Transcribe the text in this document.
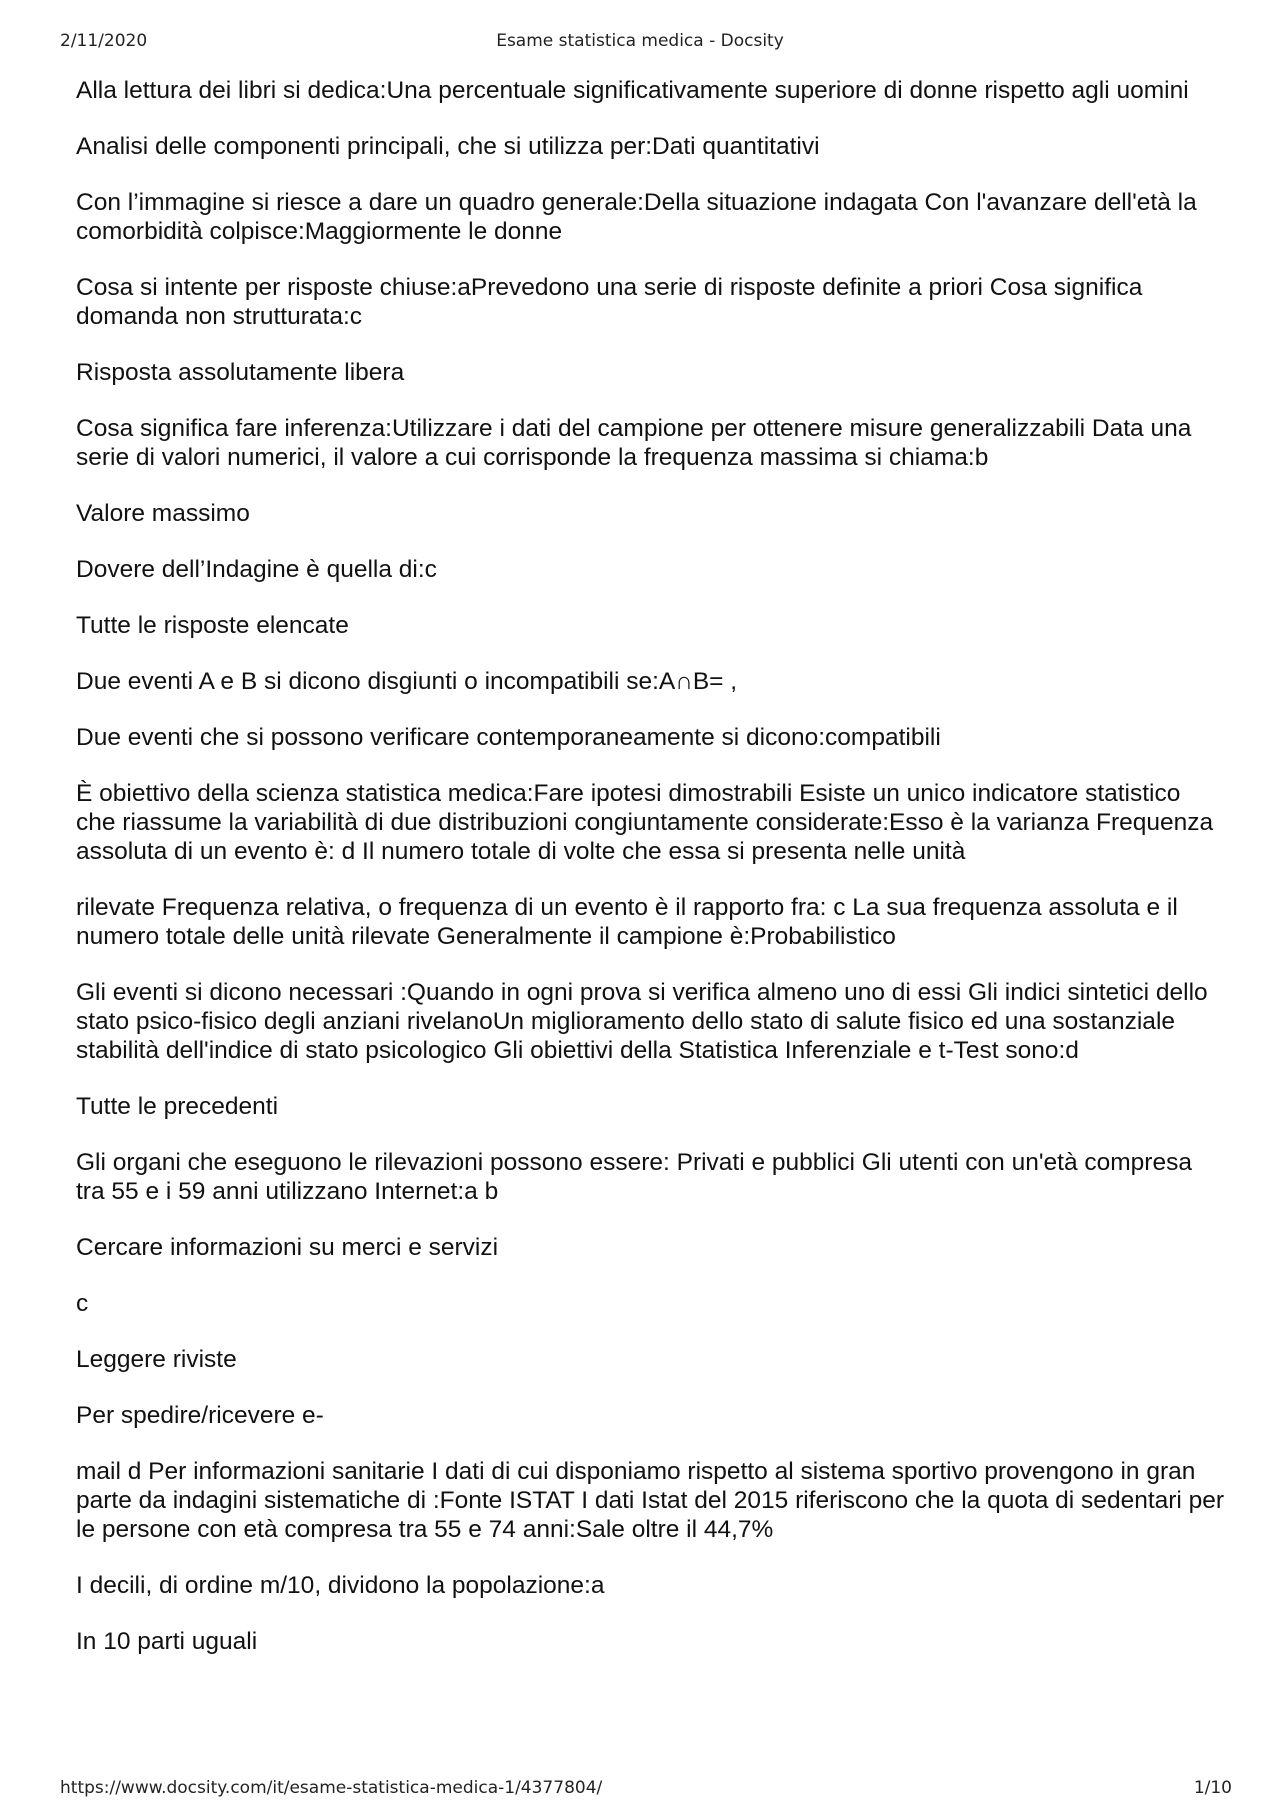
2/11/2020	Esame statistica medica - Docsity

Alla lettura dei libri si dedica:Una percentuale significativamente superiore di donne rispetto agli uomini

Analisi delle componenti principali, che si utilizza per:Dati quantitativi

Con l’immagine si riesce a dare un quadro generale:Della situazione indagata Con l'avanzare dell'età la comorbidità colpisce:Maggiormente le donne

Cosa si intente per risposte chiuse:aPrevedono una serie di risposte definite a priori Cosa significa domanda non strutturata:c

Risposta assolutamente libera

Cosa significa fare inferenza:Utilizzare i dati del campione per ottenere misure generalizzabili Data una serie di valori numerici, il valore a cui corrisponde la frequenza massima si chiama:b

Valore massimo

Dovere dell’Indagine è quella di:c

Tutte le risposte elencate

Due eventi A e B si dicono disgiunti o incompatibili se:A∩B= ,

Due eventi che si possono verificare contemporaneamente si dicono:compatibili

È obiettivo della scienza statistica medica:Fare ipotesi dimostrabili Esiste un unico indicatore statistico che riassume la variabilità di due distribuzioni congiuntamente considerate:Esso è la varianza Frequenza assoluta di un evento è: d Il numero totale di volte che essa si presenta nelle unità

rilevate Frequenza relativa, o frequenza di un evento è il rapporto fra: c La sua frequenza assoluta e il numero totale delle unità rilevate Generalmente il campione è:Probabilistico

Gli eventi si dicono necessari :Quando in ogni prova si verifica almeno uno di essi Gli indici sintetici dello stato psico-fisico degli anziani rivelanoUn miglioramento dello stato di salute fisico ed una sostanziale stabilità dell'indice di stato psicologico Gli obiettivi della Statistica Inferenziale e t-Test sono:d

Tutte le precedenti

Gli organi che eseguono le rilevazioni possono essere: Privati e pubblici Gli utenti con un'età compresa tra 55 e i 59 anni utilizzano Internet:a b

Cercare informazioni su merci e servizi

c

Leggere riviste

Per spedire/ricevere e-

mail d Per informazioni sanitarie I dati di cui disponiamo rispetto al sistema sportivo provengono in gran parte da indagini sistematiche di :Fonte ISTAT I dati Istat del 2015 riferiscono che la quota di sedentari per le persone con età compresa tra 55 e 74 anni:Sale oltre il 44,7%

I decili, di ordine m/10, dividono la popolazione:a

In 10 parti uguali

https://www.docsity.com/it/esame-statistica-medica-1/4377804/	1/10
